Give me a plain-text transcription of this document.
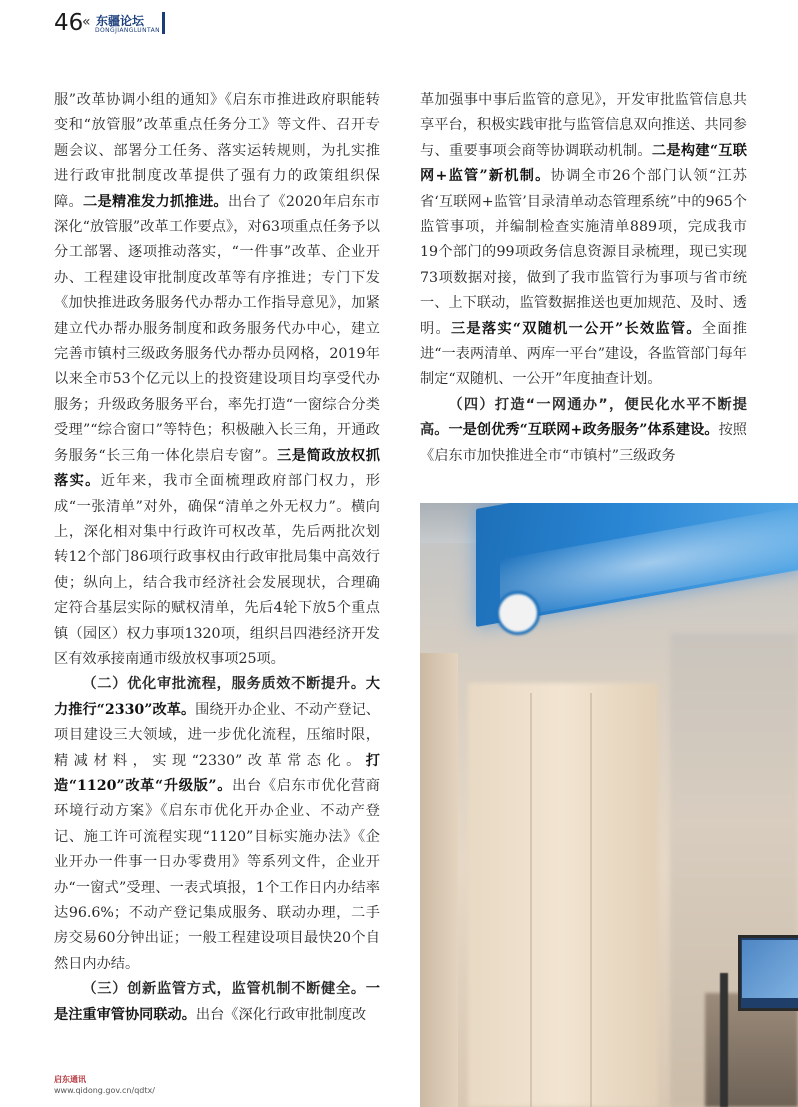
46
« 东疆论坛
DONGJIANGLUNTAN

服”改革协调小组的通知》《启东市推进政府职能转变和“放管服”改革重点任务分工》等文件、召开专题会议、部署分工任务、落实运转规则，为扎实推进行政审批制度改革提供了强有力的政策组织保障。二是精准发力抓推进。出台了《2020年启东市深化“放管服”改革工作要点》，对63项重点任务予以分工部署、逐项推动落实，“一件事”改革、企业开办、工程建设审批制度改革等有序推进；专门下发《加快推进政务服务代办帮办工作指导意见》，加紧建立代办帮办服务制度和政务服务代办中心，建立完善市镇村三级政务服务代办帮办员网格，2019年以来全市53个亿元以上的投资建设项目均享受代办服务；升级政务服务平台，率先打造“一窗综合分类受理”“综合窗口”等特色；积极融入长三角，开通政务服务“长三角一体化崇启专窗”。三是简政放权抓落实。近年来，我市全面梳理政府部门权力，形成“一张清单”对外，确保“清单之外无权力”。横向上，深化相对集中行政许可权改革，先后两批次划转12个部门86项行政事权由行政审批局集中高效行使；纵向上，结合我市经济社会发展现状，合理确定符合基层实际的赋权清单，先后4轮下放5个重点镇（园区）权力事项1320项，组织吕四港经济开发区有效承接南通市级放权事项25项。

（二）优化审批流程，服务质效不断提升。大力推行“2330”改革。围绕开办企业、不动产登记、项目建设三大领域，进一步优化流程，压缩时限，精减材料，实现“2330”改革常态化。打造“1120”改革“升级版”。出台《启东市优化营商环境行动方案》《启东市优化开办企业、不动产登记、施工许可流程实现“1120”目标实施办法》《企业开办一件事一日办零费用》等系列文件，企业开办“一窗式”受理、一表式填报，1个工作日内办结率达96.6%；不动产登记集成服务、联动办理，二手房交易60分钟出证；一般工程建设项目最快20个自然日内办结。

（三）创新监管方式，监管机制不断健全。一是注重审管协同联动。出台《深化行政审批制度改

革加强事中事后监管的意见》，开发审批监管信息共享平台，积极实践审批与监管信息双向推送、共同参与、重要事项会商等协调联动机制。二是构建“互联网+监管”新机制。协调全市26个部门认领“江苏省‘互联网+监管’目录清单动态管理系统”中的965个监管事项，并编制检查实施清单889项，完成我市19个部门的99项政务信息资源目录梳理，现已实现73项数据对接，做到了我市监管行为事项与省市统一、上下联动，监管数据推送也更加规范、及时、透明。三是落实“双随机一公开”长效监管。全面推进“一表两清单、两库一平台”建设，各监管部门每年制定“双随机、一公开”年度抽查计划。

（四）打造“一网通办”，便民化水平不断提高。一是创优秀“互联网+政务服务”体系建设。按照《启东市加快推进全市“市镇村”三级政务

启东通讯
www.qidong.gov.cn/qdtx/
